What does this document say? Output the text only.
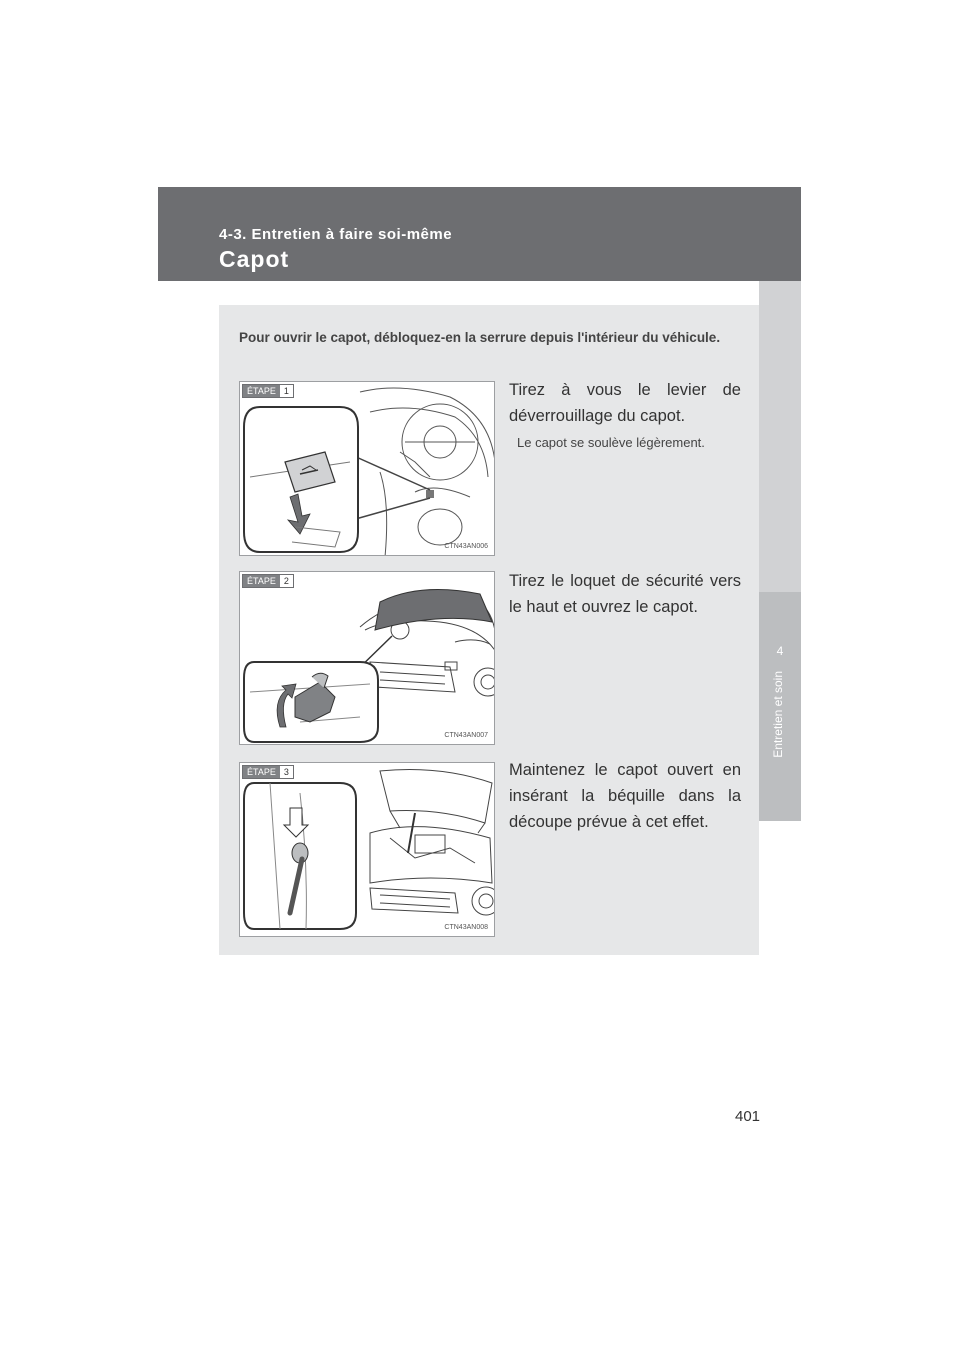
4-3. Entretien à faire soi-même
Capot
4
Entretien et soin
Pour ouvrir le capot, débloquez-en la serrure depuis l'intérieur du véhicule.
ÉTAPE 1
CTN43AN006
Tirez à vous le levier de déverrouillage du capot.
Le capot se soulève légèrement.
ÉTAPE 2
CTN43AN007
Tirez le loquet de sécurité vers le haut et ouvrez le capot.
ÉTAPE 3
CTN43AN008
Maintenez le capot ouvert en insérant la béquille dans la découpe prévue à cet effet.
401
